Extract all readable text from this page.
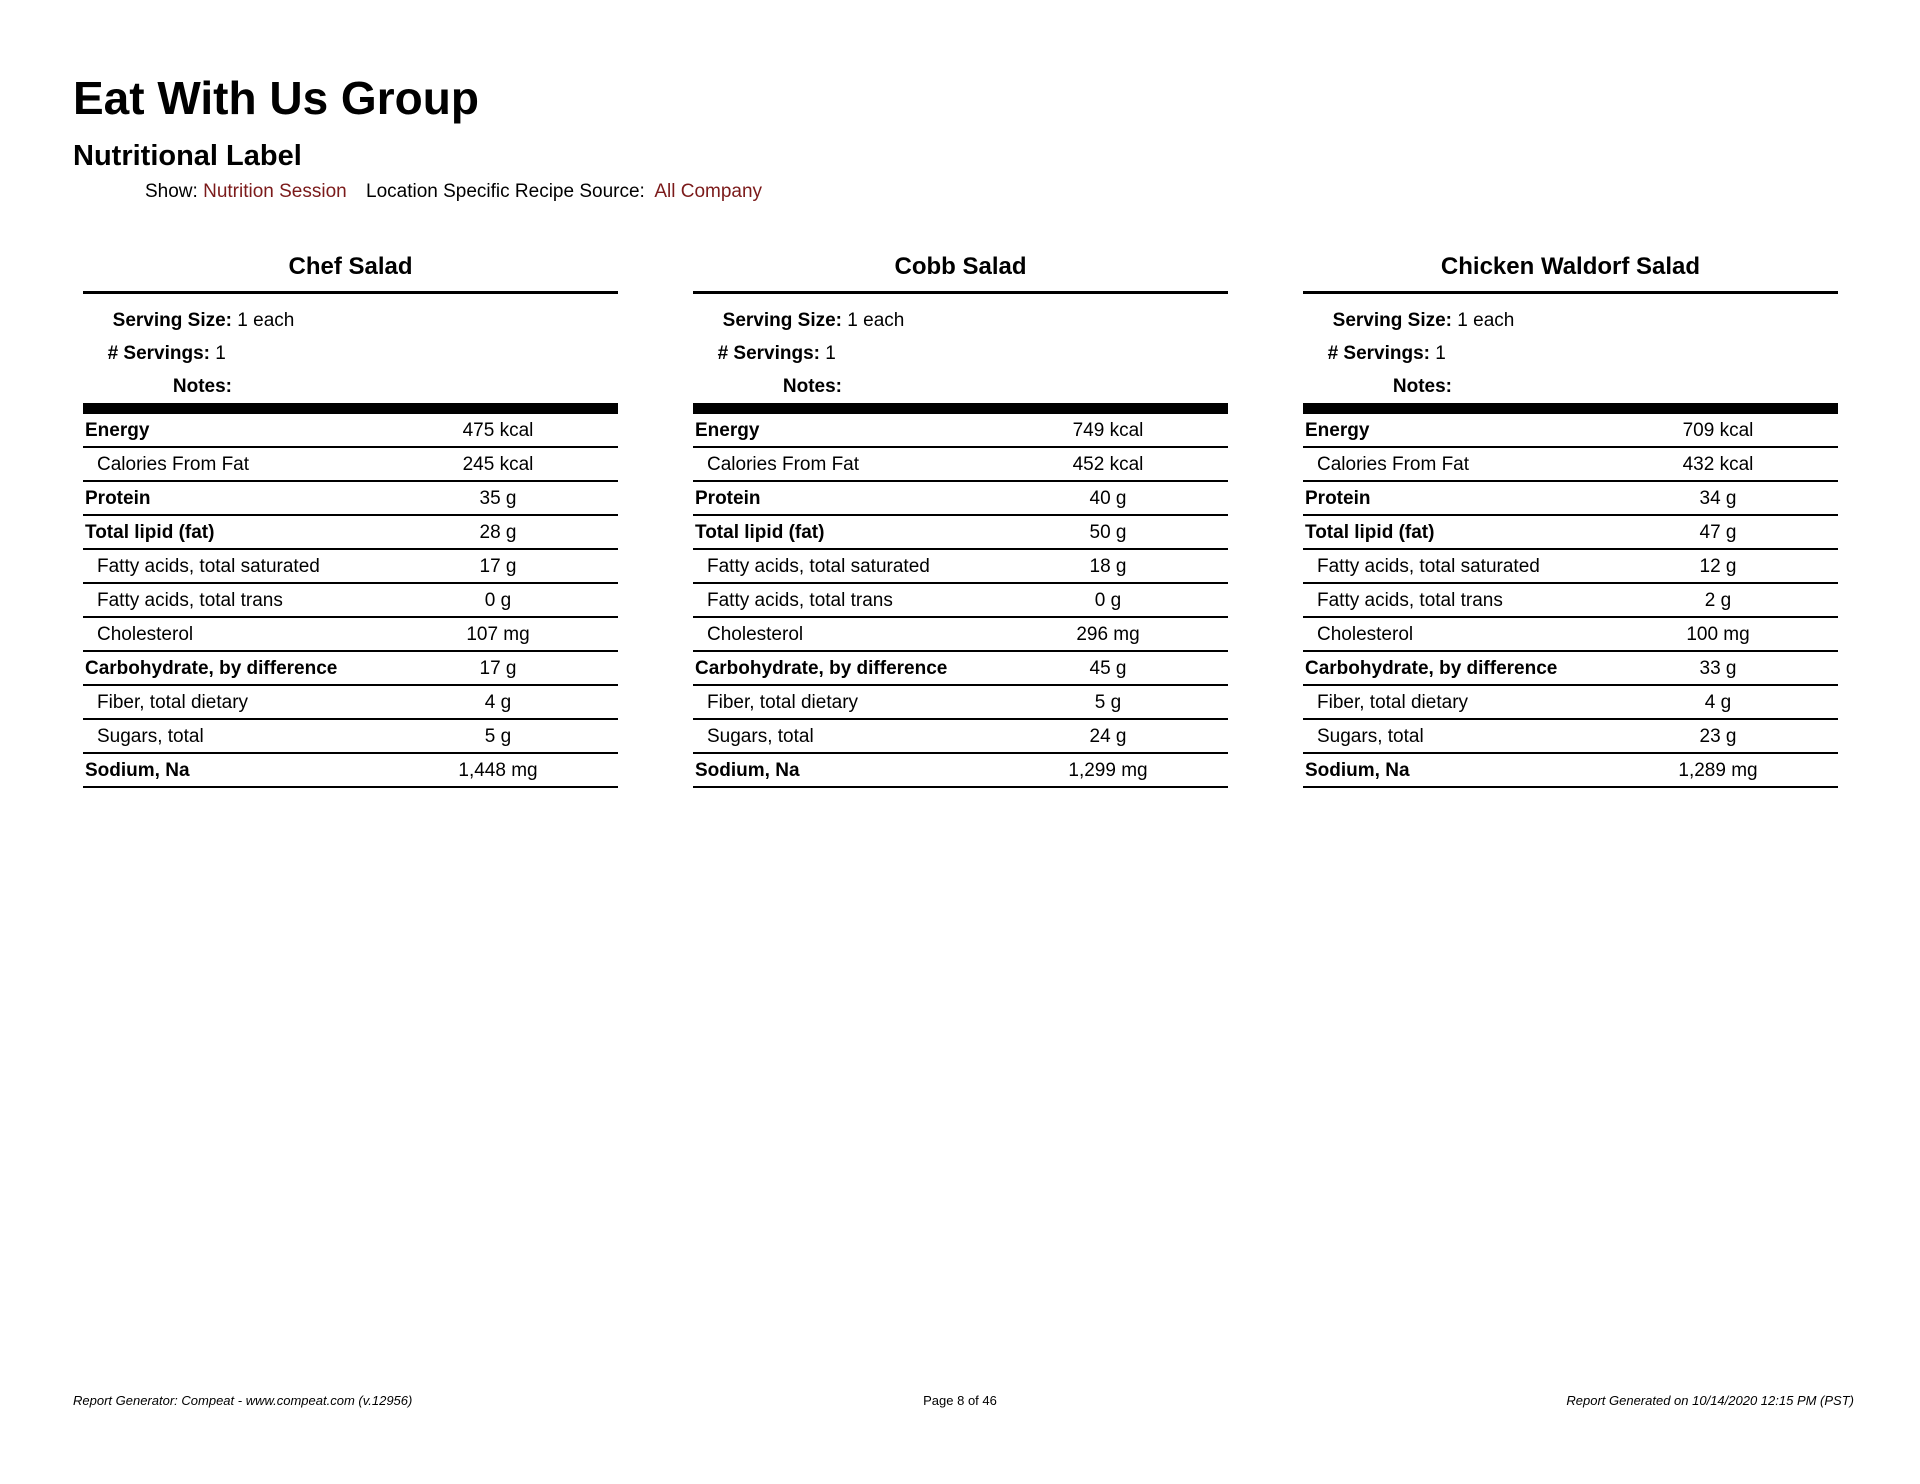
Eat With Us Group
Nutritional Label
Show: Nutrition Session Location Specific Recipe Source: All Company
Chef Salad
Serving Size: 1 each
# Servings: 1
Notes:
Energy	475 kcal
Calories From Fat	245 kcal
Protein	35 g
Total lipid (fat)	28 g
Fatty acids, total saturated	17 g
Fatty acids, total trans	0 g
Cholesterol	107 mg
Carbohydrate, by difference	17 g
Fiber, total dietary	4 g
Sugars, total	5 g
Sodium, Na	1,448 mg
Cobb Salad
Serving Size: 1 each
# Servings: 1
Notes:
Energy	749 kcal
Calories From Fat	452 kcal
Protein	40 g
Total lipid (fat)	50 g
Fatty acids, total saturated	18 g
Fatty acids, total trans	0 g
Cholesterol	296 mg
Carbohydrate, by difference	45 g
Fiber, total dietary	5 g
Sugars, total	24 g
Sodium, Na	1,299 mg
Chicken Waldorf Salad
Serving Size: 1 each
# Servings: 1
Notes:
Energy	709 kcal
Calories From Fat	432 kcal
Protein	34 g
Total lipid (fat)	47 g
Fatty acids, total saturated	12 g
Fatty acids, total trans	2 g
Cholesterol	100 mg
Carbohydrate, by difference	33 g
Fiber, total dietary	4 g
Sugars, total	23 g
Sodium, Na	1,289 mg
Report Generator: Compeat - www.compeat.com (v.12956)	Page 8 of 46	Report Generated on 10/14/2020 12:15 PM (PST)
